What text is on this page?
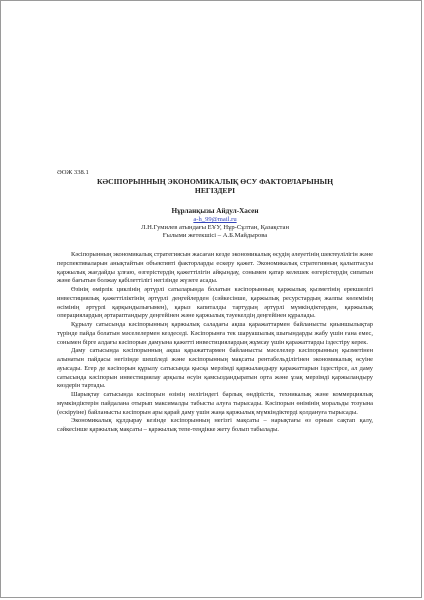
ӘОЖ 338.1

КӘСІПОРЫННЫҢ ЭКОНОМИКАЛЫҚ ӨСУ ФАКТОРЛАРЫНЫҢ

НЕГІЗДЕРІ

Нұрланқызы Айдул-Хасен

a-h_99@mail.ru

Л.Н.Гумилев атындағы ЕҰУ, Нұр-Сұлтан, Қазақстан

Ғылыми жетекшісі – А.Б.Майдырова

Кәсіпорынның экономикалық стратегиясын жасаған кезде экономикалық өсудің әлеуетінің шектеулілігін және перспективаларын анықтайтын объективті факторларды ескеру қажет. Экономикалық стратегияның қалыптасуы қаржылық жағдайды ұлғаю, өзгерістердің қажеттілігін айқындау, сонымен қатар келешек өзгерістердің сипатын және бағытын болжау қабілеттілігі негізінде жүзеге асады.

Өзінің өмірлік циклінің әртүрлі сатыларында болатын кәсіпорынның қаржылық қызметінің ерекшелігі инвестициялық қажеттіліктінің әртүрлі деңгейлерден (сәйкесінше, қаржылық ресурстардың жалпы көлемінің өсімінің әртүрлі қарқындылығымен), қарыз капиталды тартудың әртүрлі мүмкіндіктерден, қаржылық операциялардың әртараптандыру деңгейінен және қаржылық тәуекелдің деңгейінен құралады.

Құрылу сатысында кәсіпорынның қаржылық саладағы ақша қаражаттармен байланысты қиыншылықтар түрінде пайда болатын мәселелермен кездеседі. Кәсіпорынға тек шаруашылық шығындарды жабу үшін ғана емес, сонымен бірге алдағы кәсіпорын дамуына қажетті инвестициялардың жұмсау үшін қаражаттарды іздестіру керек.

Даму сатысында кәсіпорынның ақша қаражаттармен байланысты мәселелер кәсіпорынның қызметінен алынатын пайдасы негізінде шешіледі және кәсіпорынның мақсаты рентабельділігінен экономикалық өсуіне ауысады. Егер де кәсіпорын құрылу сатысында қысқа мерзімді қаржыландыру қаражаттарын іздестірсе, ал даму сатысында кәсіпорын инвестициялау арқылы өсуін қамсыздандыратын орта және ұзақ мерзімді қаржыландыру көздерін тартады.

Шарықтау сатысында кәсіпорын өзінің нелігіндегі барлық өндірістік, техникалық және коммерциялық мүмкіндіктерін пайдалана отырып максималды табысты алуға тырысады. Кәсіпорын өнімінің моральды тозуына (ескіруіне) байланысты кәсіпорын ары қарай даму үшін жаңа қаржылық мүмкіндіктерді қолдануға тырысады.

Экономикалық құлдырау кезінде кәсіпорынның негізгі мақсаты – нарықтағы өз орнын сақтап қалу, сәйкесінше қаржылық мақсаты – қаржылық тепе-теңдікке жету болып табылады.
